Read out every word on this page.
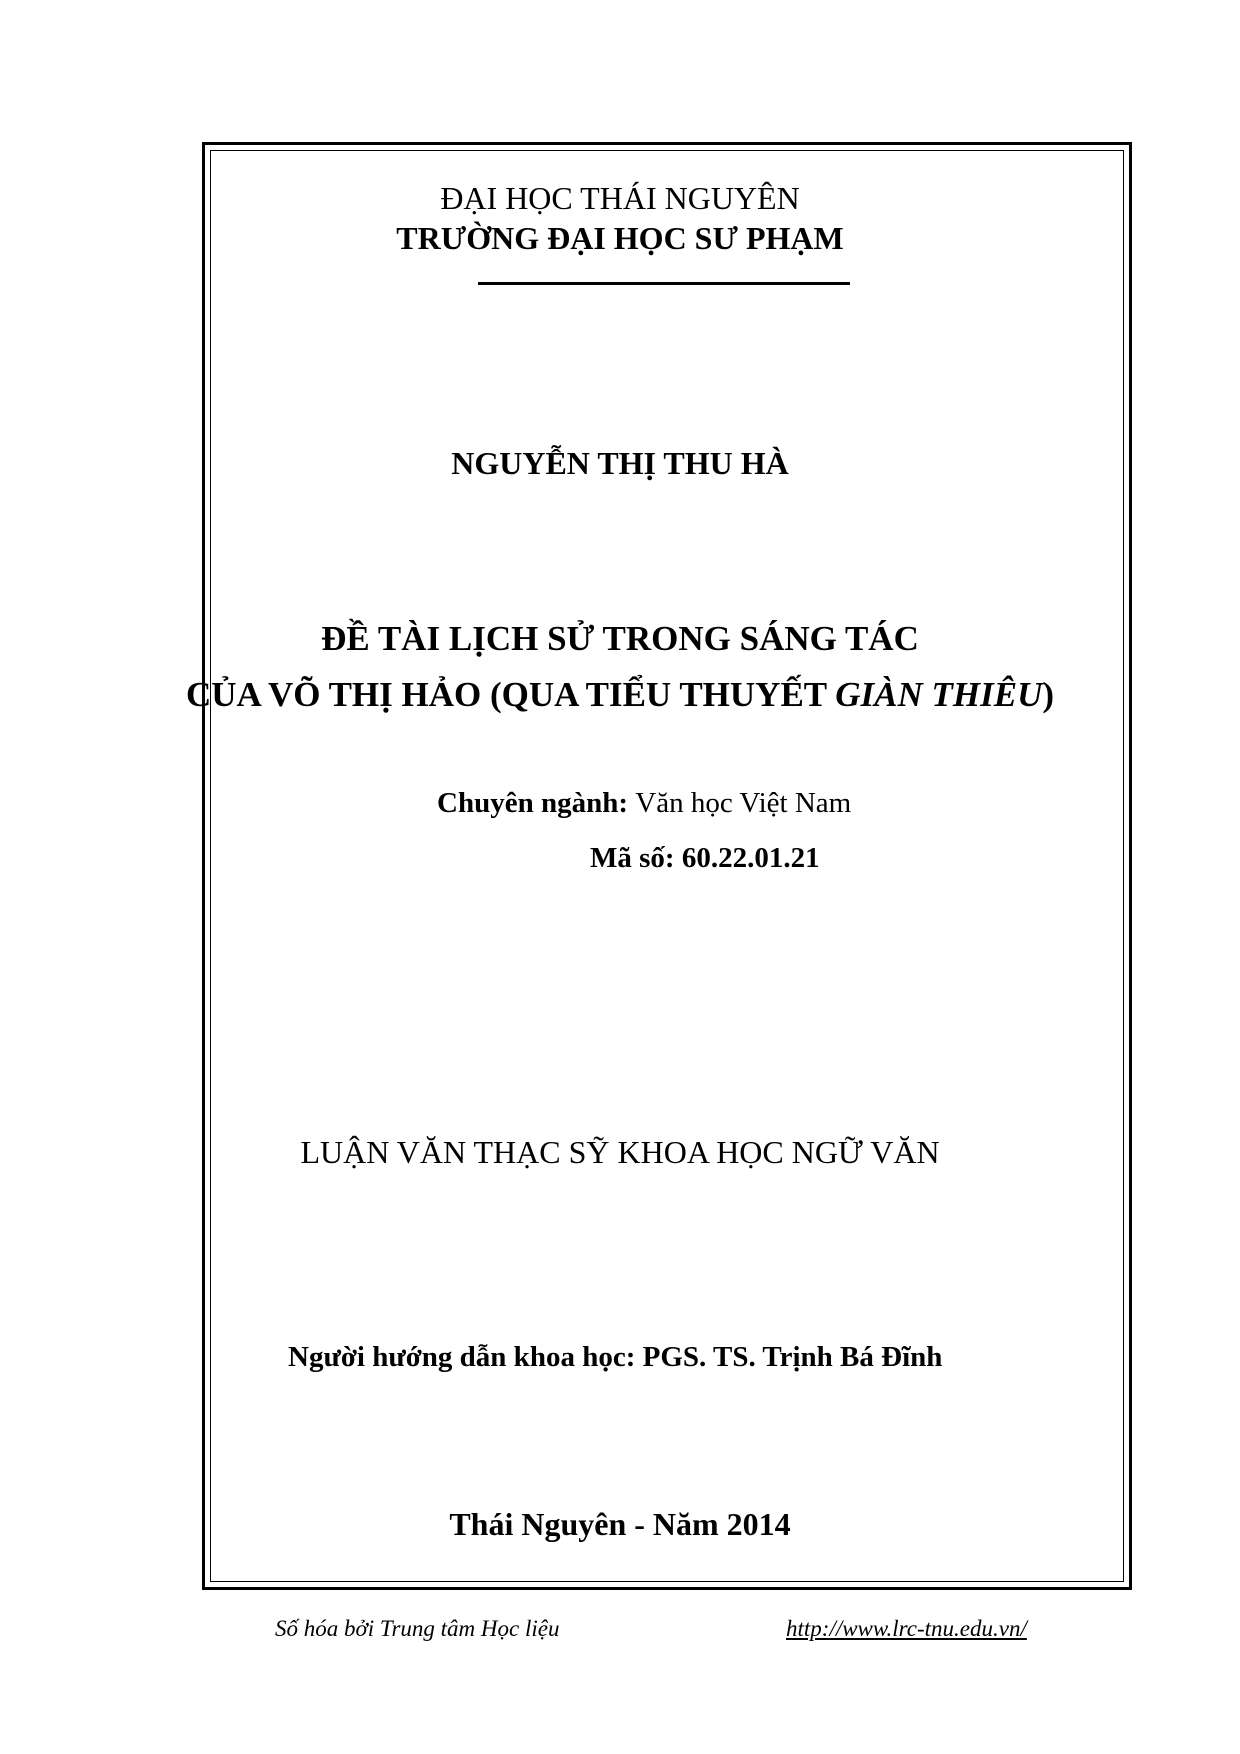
ĐẠI HỌC THÁI NGUYÊN
TRƯỜNG ĐẠI HỌC SƯ PHẠM
NGUYỄN THỊ THU HÀ
ĐỀ TÀI LỊCH SỬ TRONG SÁNG TÁC
CỦA VÕ THỊ HẢO (QUA TIỂU THUYẾT GIÀN THIÊU)
Chuyên ngành: Văn học Việt Nam
Mã số: 60.22.01.21
LUẬN VĂN THẠC SỸ KHOA HỌC NGỮ VĂN
Người hướng dẫn khoa học: PGS. TS. Trịnh Bá Đĩnh
Thái Nguyên - Năm 2014
Số hóa bởi Trung tâm Học liệu	http://www.lrc-tnu.edu.vn/
